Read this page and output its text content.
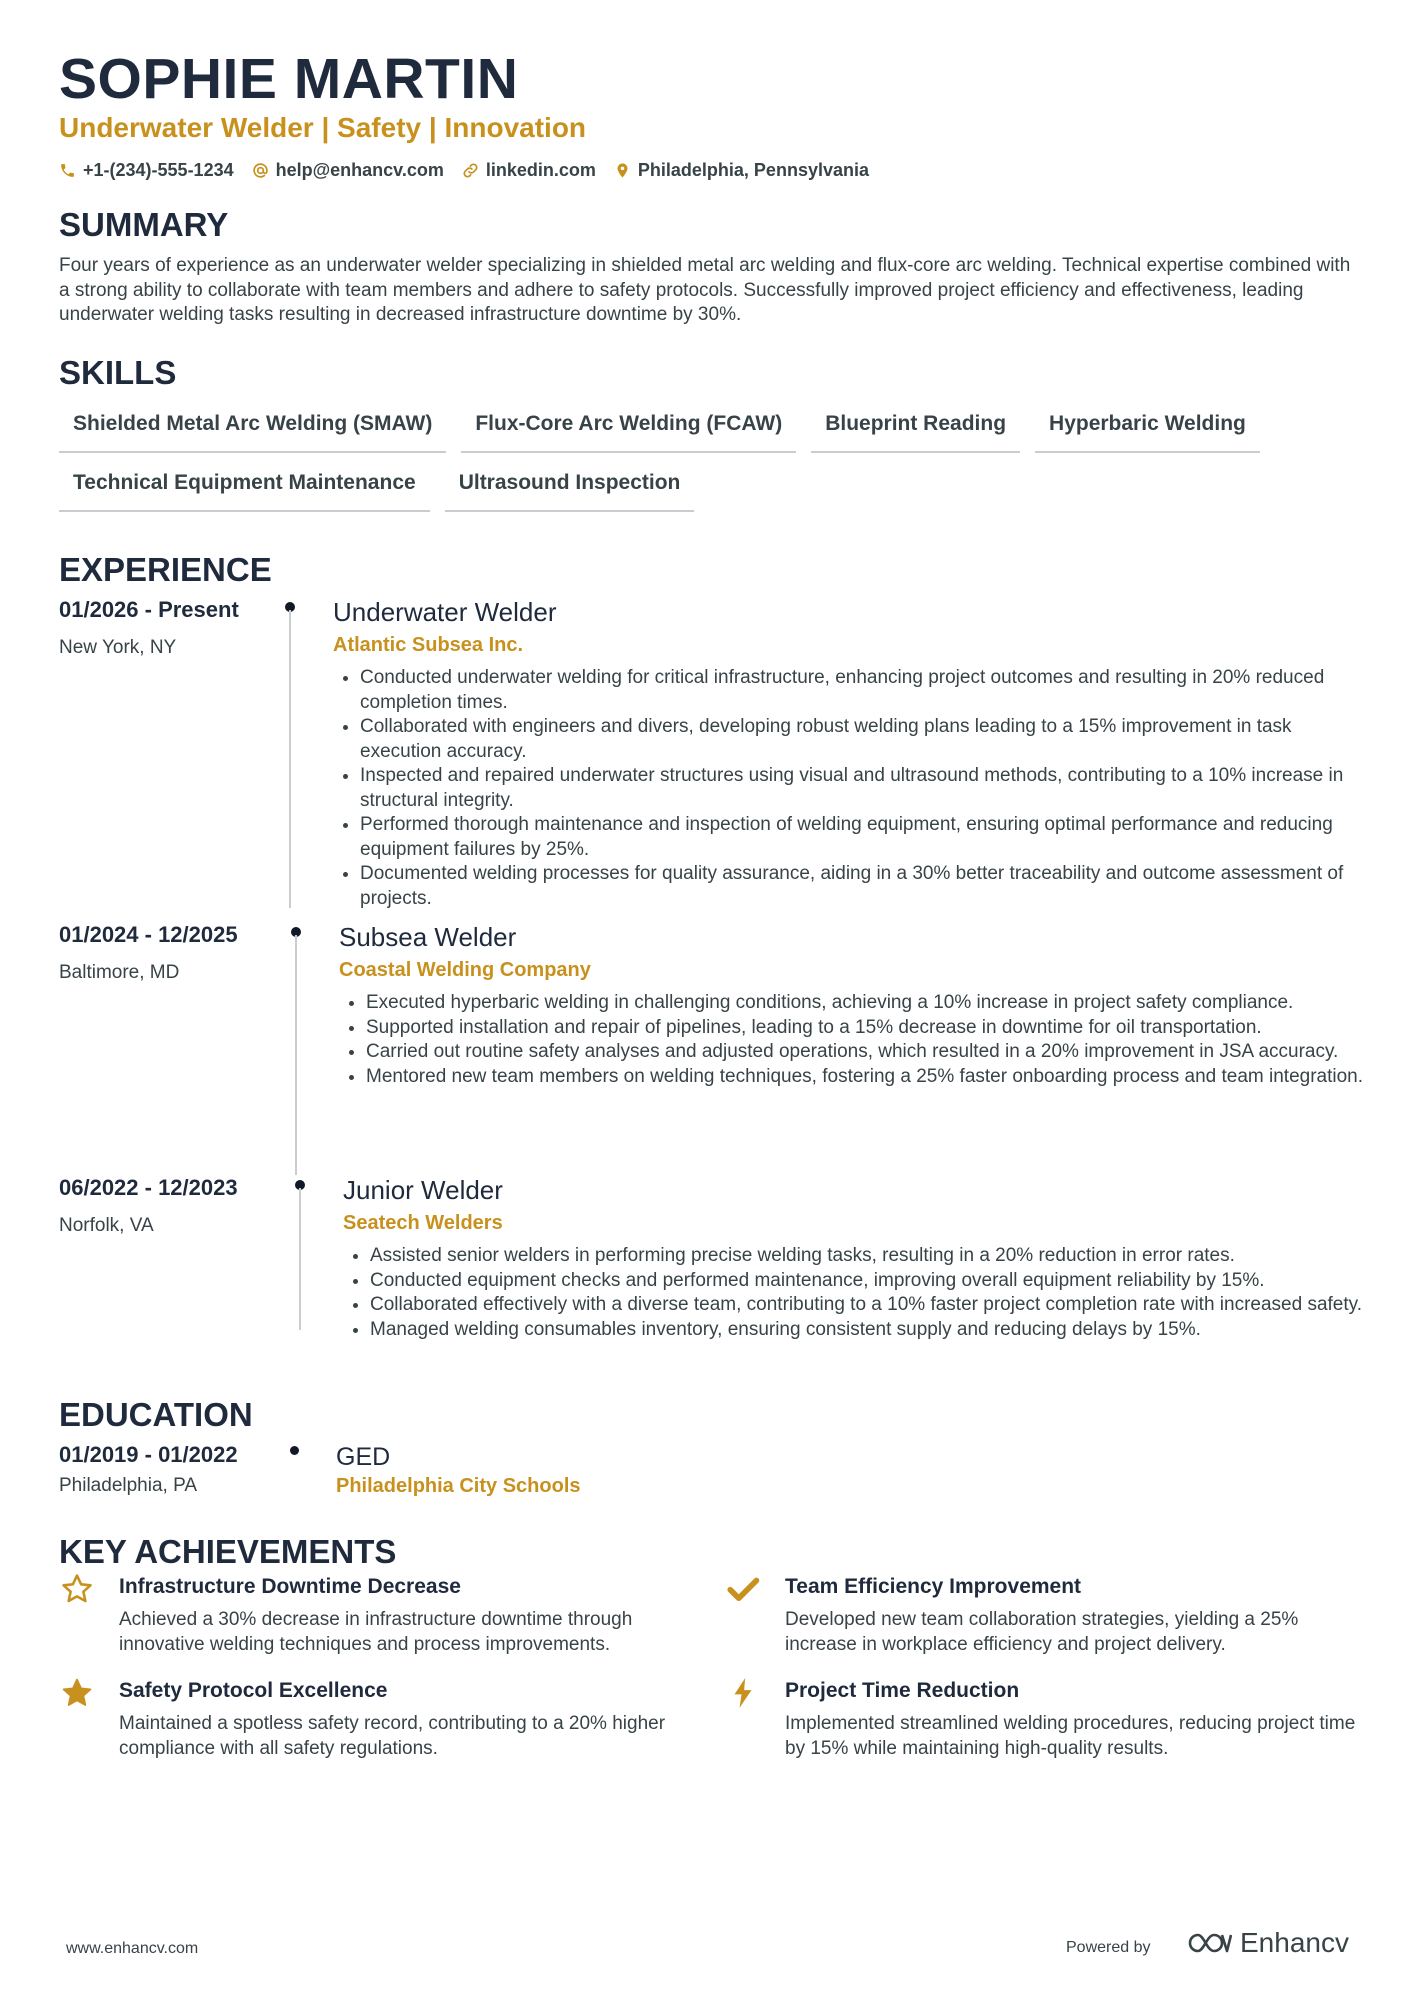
SOPHIE MARTIN
Underwater Welder | Safety | Innovation
+1-(234)-555-1234 help@enhancv.com linkedin.com Philadelphia, Pennsylvania
SUMMARY
Four years of experience as an underwater welder specializing in shielded metal arc welding and flux-core arc welding. Technical expertise combined with a strong ability to collaborate with team members and adhere to safety protocols. Successfully improved project efficiency and effectiveness, leading underwater welding tasks resulting in decreased infrastructure downtime by 30%.
SKILLS
Shielded Metal Arc Welding (SMAW)	Flux-Core Arc Welding (FCAW)	Blueprint Reading	Hyperbaric Welding
Technical Equipment Maintenance	Ultrasound Inspection
EXPERIENCE
01/2026 - Present
New York, NY
Underwater Welder
Atlantic Subsea Inc.
• Conducted underwater welding for critical infrastructure, enhancing project outcomes and resulting in 20% reduced completion times.
• Collaborated with engineers and divers, developing robust welding plans leading to a 15% improvement in task execution accuracy.
• Inspected and repaired underwater structures using visual and ultrasound methods, contributing to a 10% increase in structural integrity.
• Performed thorough maintenance and inspection of welding equipment, ensuring optimal performance and reducing equipment failures by 25%.
• Documented welding processes for quality assurance, aiding in a 30% better traceability and outcome assessment of projects.
01/2024 - 12/2025
Baltimore, MD
Subsea Welder
Coastal Welding Company
• Executed hyperbaric welding in challenging conditions, achieving a 10% increase in project safety compliance.
• Supported installation and repair of pipelines, leading to a 15% decrease in downtime for oil transportation.
• Carried out routine safety analyses and adjusted operations, which resulted in a 20% improvement in JSA accuracy.
• Mentored new team members on welding techniques, fostering a 25% faster onboarding process and team integration.
06/2022 - 12/2023
Norfolk, VA
Junior Welder
Seatech Welders
• Assisted senior welders in performing precise welding tasks, resulting in a 20% reduction in error rates.
• Conducted equipment checks and performed maintenance, improving overall equipment reliability by 15%.
• Collaborated effectively with a diverse team, contributing to a 10% faster project completion rate with increased safety.
• Managed welding consumables inventory, ensuring consistent supply and reducing delays by 15%.
EDUCATION
01/2019 - 01/2022
Philadelphia, PA
GED
Philadelphia City Schools
KEY ACHIEVEMENTS
Infrastructure Downtime Decrease
Achieved a 30% decrease in infrastructure downtime through innovative welding techniques and process improvements.
Team Efficiency Improvement
Developed new team collaboration strategies, yielding a 25% increase in workplace efficiency and project delivery.
Safety Protocol Excellence
Maintained a spotless safety record, contributing to a 20% higher compliance with all safety regulations.
Project Time Reduction
Implemented streamlined welding procedures, reducing project time by 15% while maintaining high-quality results.
www.enhancv.com	Powered by	Enhancv
